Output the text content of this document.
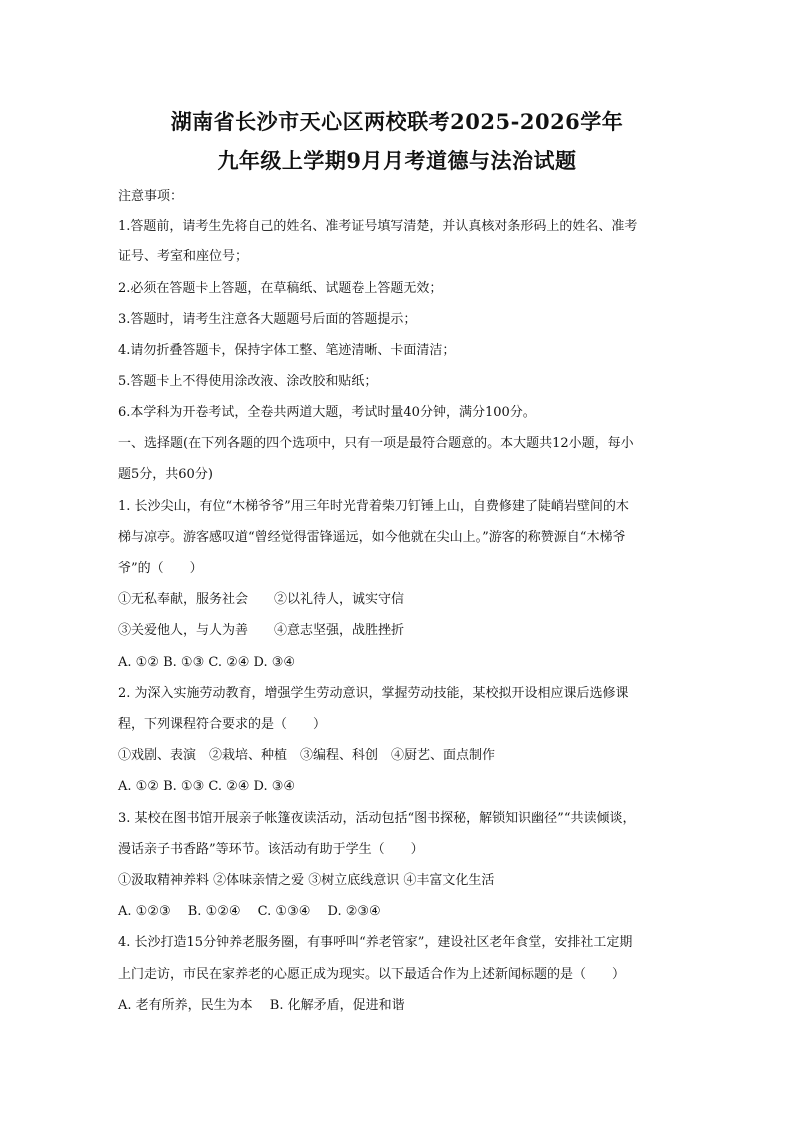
湖南省长沙市天心区两校联考2025-2026学年
九年级上学期9月月考道德与法治试题
注意事项：
1.答题前，请考生先将自己的姓名、准考证号填写清楚，并认真核对条形码上的姓名、准考
证号、考室和座位号；
2.必须在答题卡上答题，在草稿纸、试题卷上答题无效；
3.答题时，请考生注意各大题题号后面的答题提示；
4.请勿折叠答题卡，保持字体工整、笔迹清晰、卡面清洁；
5.答题卡上不得使用涂改液、涂改胶和贴纸；
6.本学科为开卷考试，全卷共两道大题，考试时量40分钟，满分100分。
一、选择题(在下列各题的四个选项中，只有一项是最符合题意的。本大题共12小题，每小
题5分，共60分)
1. 长沙尖山，有位“木梯爷爷”用三年时光背着柴刀钉锤上山，自费修建了陡峭岩壁间的木
梯与凉亭。游客感叹道“曾经觉得雷锋遥远，如今他就在尖山上。”游客的称赞源自“木梯爷
爷”的（　　）
①无私奉献，服务社会　　②以礼待人，诚实守信
③关爱他人，与人为善　　④意志坚强，战胜挫折
A. ①② B. ①③ C. ②④ D. ③④
2. 为深入实施劳动教育，增强学生劳动意识，掌握劳动技能，某校拟开设相应课后选修课
程，下列课程符合要求的是（　　）
①戏剧、表演　②栽培、种植　③编程、科创　④厨艺、面点制作
A. ①② B. ①③ C. ②④ D. ③④
3. 某校在图书馆开展亲子帐篷夜读活动，活动包括“图书探秘，解锁知识幽径”“共读倾谈，
漫话亲子书香路”等环节。该活动有助于学生（　　）
①汲取精神养料 ②体味亲情之爱 ③树立底线意识 ④丰富文化生活
A. ①②③　 B. ①②④　 C. ①③④　 D. ②③④
4. 长沙打造15分钟养老服务圈，有事呼叫“养老管家”，建设社区老年食堂，安排社工定期
上门走访，市民在家养老的心愿正成为现实。以下最适合作为上述新闻标题的是（　　）
A. 老有所养，民生为本　 B. 化解矛盾，促进和谐
